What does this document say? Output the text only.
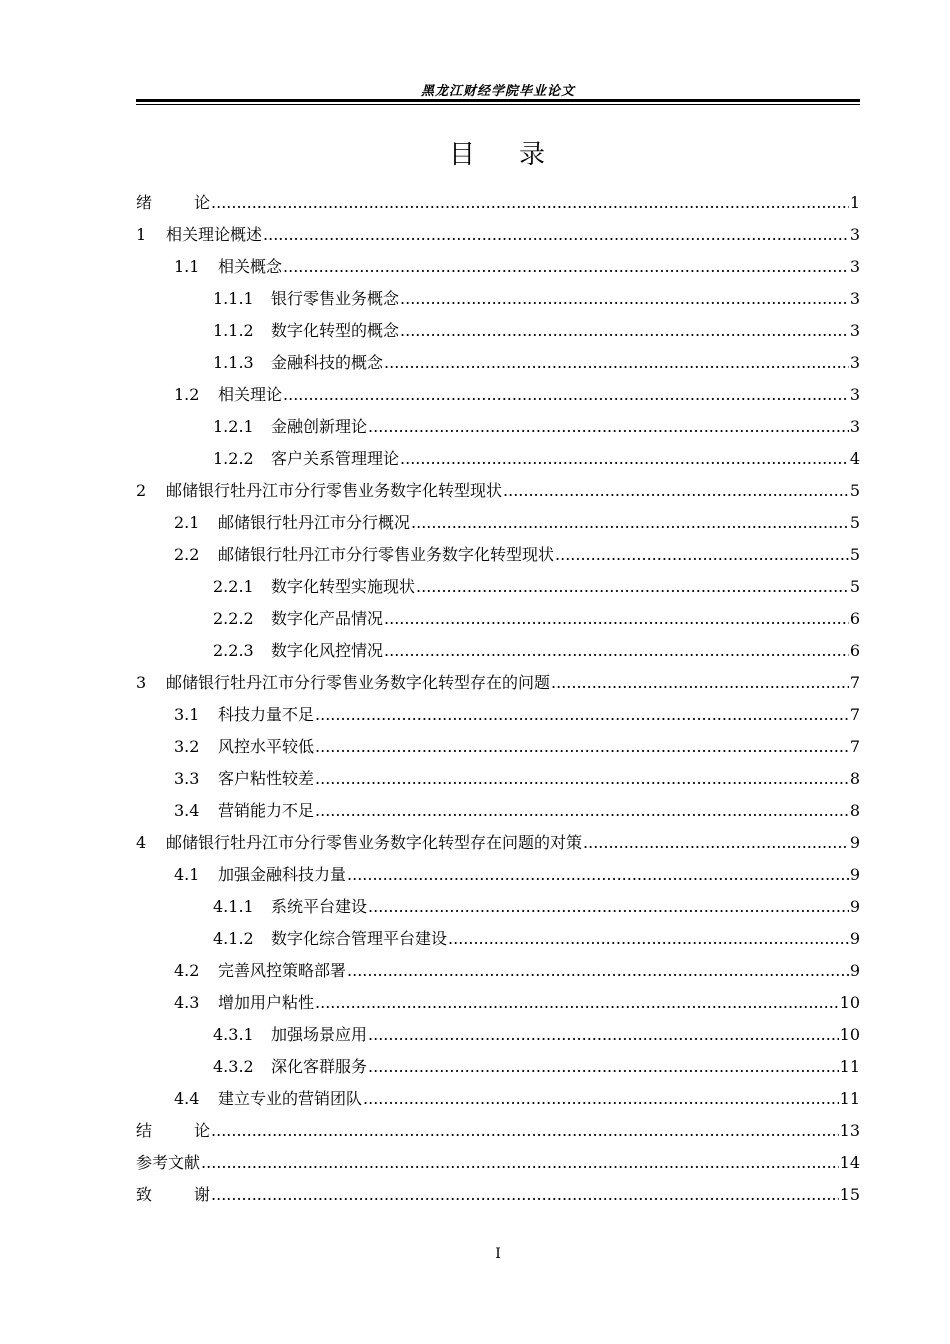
黑龙江财经学院毕业论文
目 录
绪	论 .....	1
1	相关理论概述 .....	3
1.1	相关概念 .....	3
1.1.1	银行零售业务概念 .....	3
1.1.2	数字化转型的概念 .....	3
1.1.3	金融科技的概念 .....	3
1.2	相关理论 .....	3
1.2.1	金融创新理论 .....	3
1.2.2	客户关系管理理论 .....	4
2	邮储银行牡丹江市分行零售业务数字化转型现状 .....	5
2.1	邮储银行牡丹江市分行概况 .....	5
2.2	邮储银行牡丹江市分行零售业务数字化转型现状 .....	5
2.2.1	数字化转型实施现状 .....	5
2.2.2	数字化产品情况 .....	6
2.2.3	数字化风控情况 .....	6
3	邮储银行牡丹江市分行零售业务数字化转型存在的问题 .....	7
3.1	科技力量不足 .....	7
3.2	风控水平较低 .....	7
3.3	客户粘性较差 .....	8
3.4	营销能力不足 .....	8
4	邮储银行牡丹江市分行零售业务数字化转型存在问题的对策 .....	9
4.1	加强金融科技力量 .....	9
4.1.1	系统平台建设 .....	9
4.1.2	数字化综合管理平台建设 .....	9
4.2	完善风控策略部署 .....	9
4.3	增加用户粘性 .....	10
4.3.1	加强场景应用 .....	10
4.3.2	深化客群服务 .....	11
4.4	建立专业的营销团队 .....	11
结	论 .....	13
参考文献 .....	14
致	谢 .....	15
I
